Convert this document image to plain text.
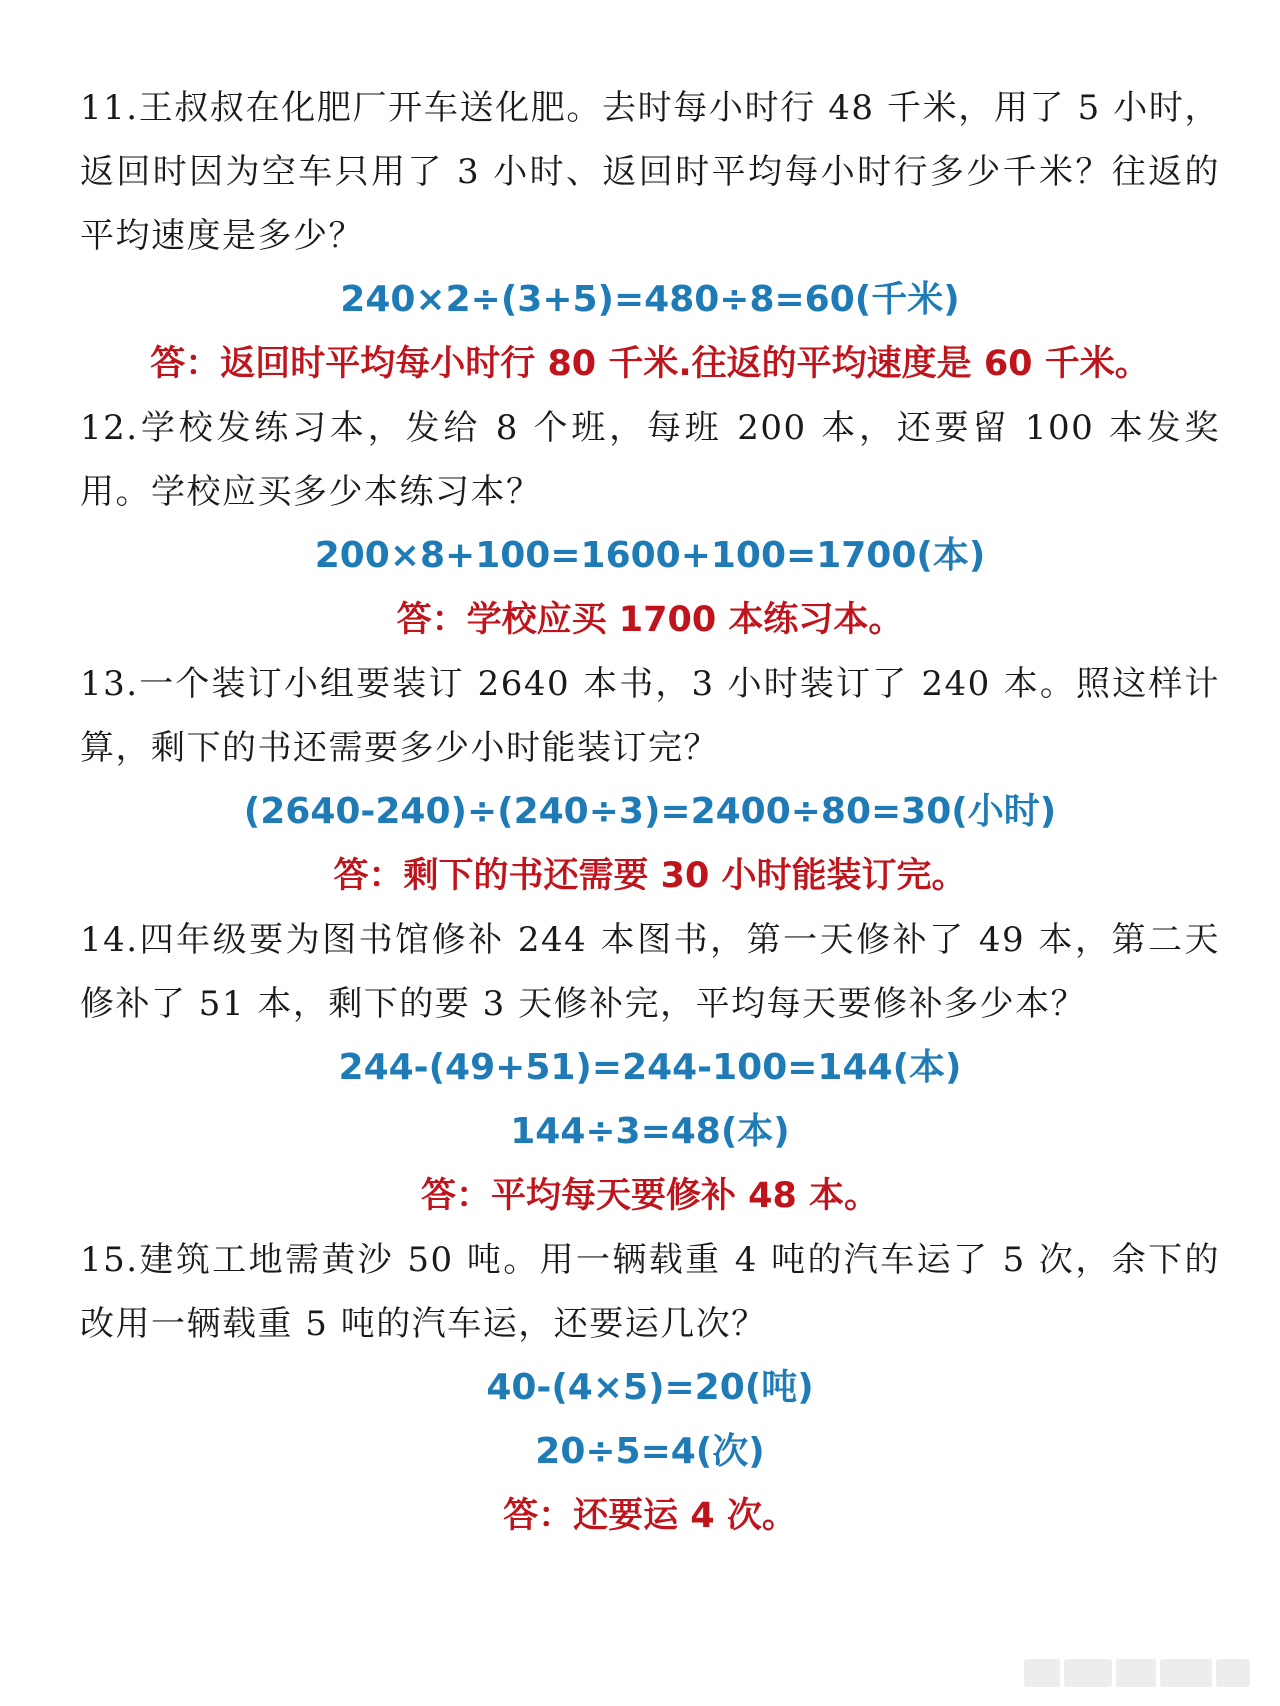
11.王叔叔在化肥厂开车送化肥。去时每小时行 48 千米，用了 5 小时，返回时因为空车只用了 3 小时、返回时平均每小时行多少千米？往返的平均速度是多少？

240×2÷(3+5)=480÷8=60(千米)

答：返回时平均每小时行 80 千米.往返的平均速度是 60 千米。

12.学校发练习本，发给 8 个班，每班 200 本，还要留 100 本发奖用。学校应买多少本练习本？

200×8+100=1600+100=1700(本)

答：学校应买 1700 本练习本。

13.一个装订小组要装订 2640 本书，3 小时装订了 240 本。照这样计算，剩下的书还需要多少小时能装订完？

(2640-240)÷(240÷3)=2400÷80=30(小时)

答：剩下的书还需要 30 小时能装订完。

14.四年级要为图书馆修补 244 本图书，第一天修补了 49 本，第二天修补了 51 本，剩下的要 3 天修补完，平均每天要修补多少本？

244-(49+51)=244-100=144(本)

144÷3=48(本)

答：平均每天要修补 48 本。

15.建筑工地需黄沙 50 吨。用一辆载重 4 吨的汽车运了 5 次，余下的改用一辆载重 5 吨的汽车运，还要运几次？

40-(4×5)=20(吨)

20÷5=4(次)

答：还要运 4 次。
